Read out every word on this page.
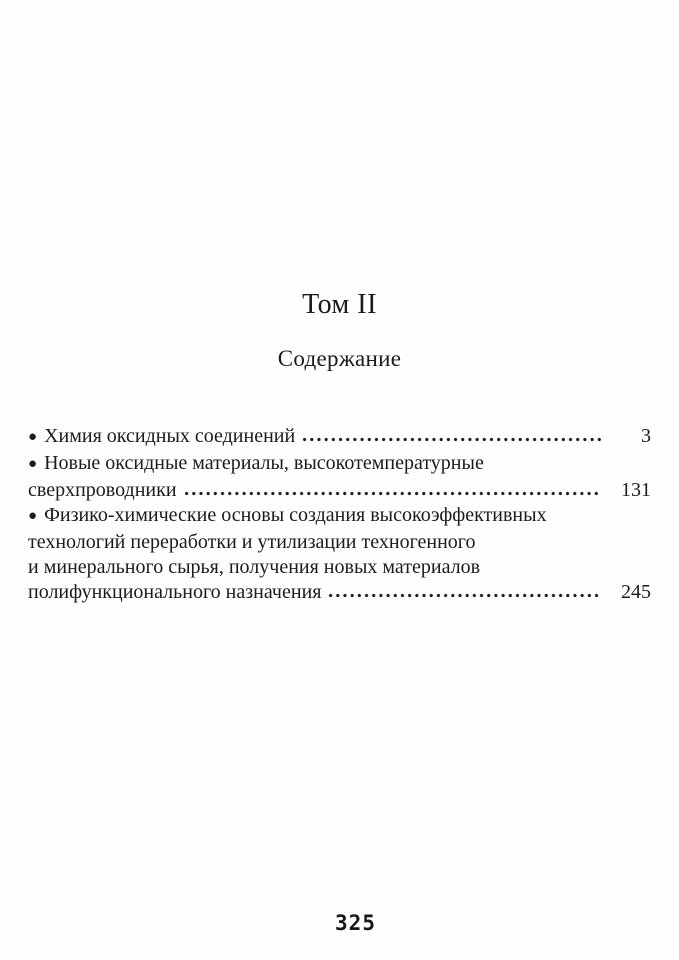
Том II
Содержание
● Химия оксидных соединений	3
● Новые оксидные материалы, высокотемпературные
сверхпроводники	131
● Физико-химические основы создания высокоэффективных
технологий переработки и утилизации техногенного
и минерального сырья, получения новых материалов
полифункционального назначения	245
325
